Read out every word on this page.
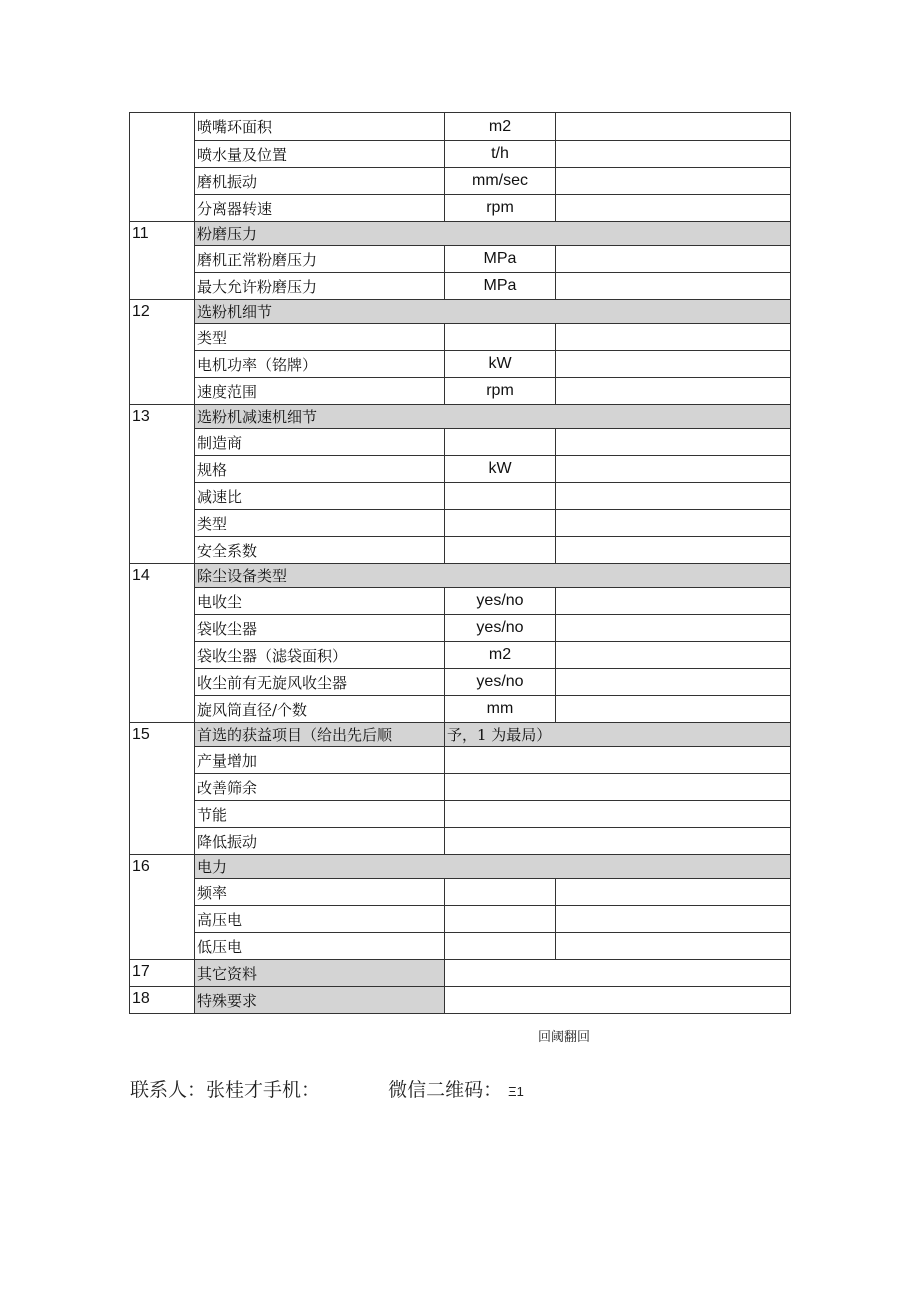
	喷嘴环面积	m2	
	喷水量及位置	t/h	
	磨机振动	mm/sec	
	分离器转速	rpm	
11	粉磨压力		
	磨机正常粉磨压力	MPa	
	最大允许粉磨压力	MPa	
12	选粉机细节		
	类型		
	电机功率（铭牌）	kW	
	速度范围	rpm	
13	选粉机减速机细节		
	制造商		
	规格	kW	
	减速比		
	类型		
	安全系数		
14	除尘设备类型		
	电收尘	yes/no	
	袋收尘器	yes/no	
	袋收尘器（滤袋面积）	m2	
	收尘前有无旋风收尘器	yes/no	
	旋风筒直径/个数	mm	
15	首选的获益项目（给出先后顺	予，1 为最局）	
	产量增加		
	改善筛余		
	节能		
	降低振动		
16	电力		
	频率		
	高压电		
	低压电		
17	其它资料		
18	特殊要求		
回阈翻回
联系人：张桂才手机：	微信二维码： Ξ1
